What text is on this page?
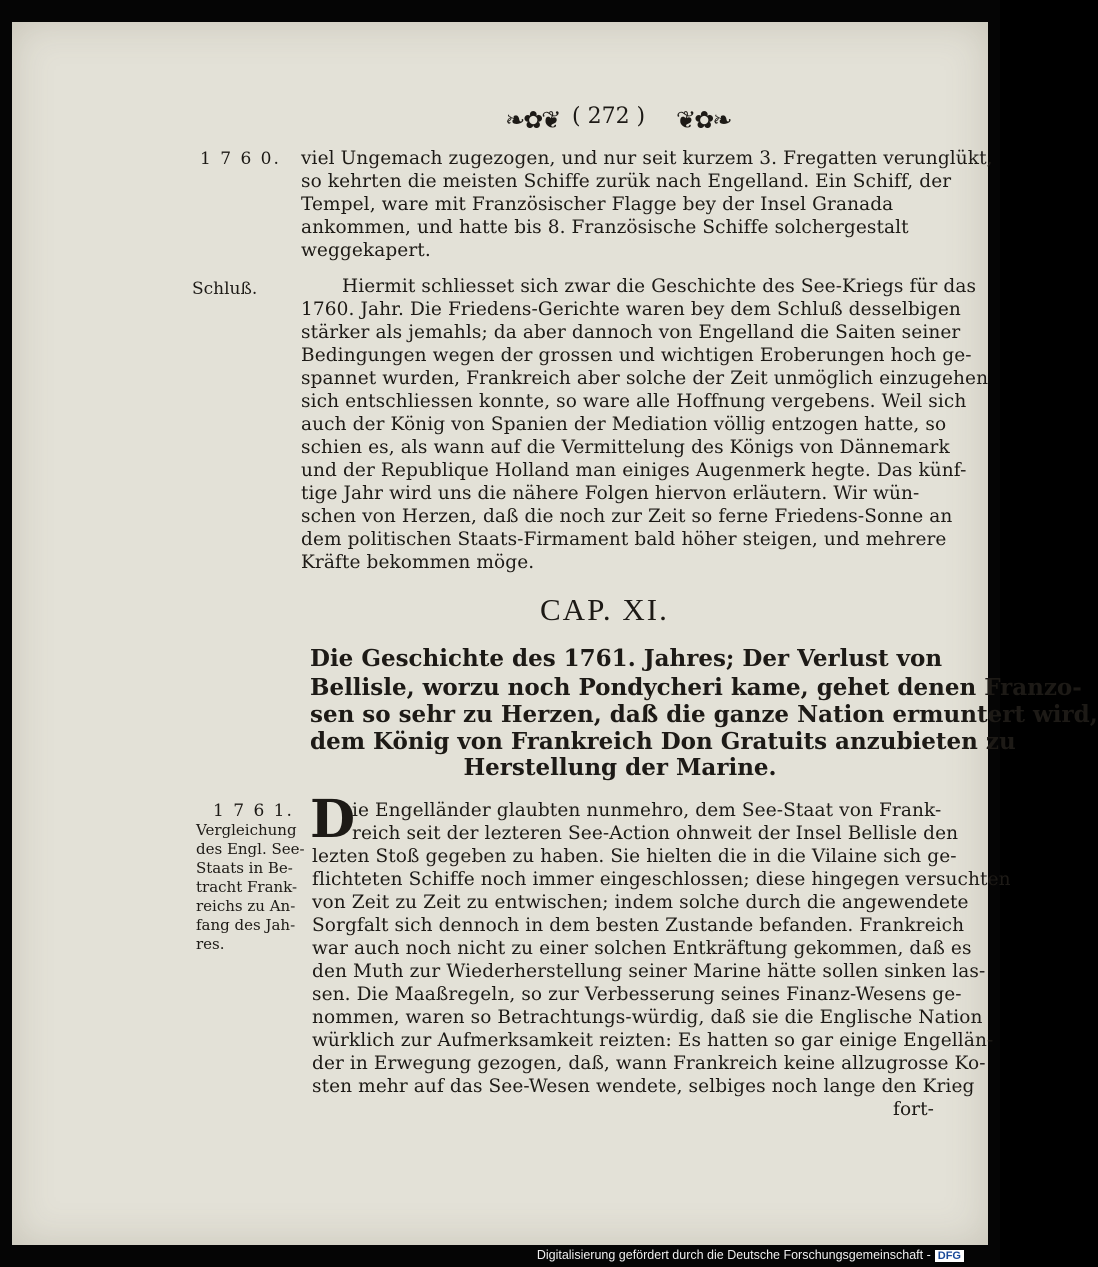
❧✿❦ ( 272 ) ❦✿❧
1 7 6 0. viel Ungemach zugezogen, und nur seit kurzem 3. Fregatten verunglükt,
so kehrten die meisten Schiffe zurük nach Engelland. Ein Schiff, der
Tempel, ware mit Französischer Flagge bey der Insel Granada
ankommen, und hatte bis 8. Französische Schiffe solchergestalt
weggekapert.
Schluß.	Hiermit schliesset sich zwar die Geschichte des See-Kriegs für das
1760. Jahr. Die Friedens-Gerichte waren bey dem Schluß desselbigen
stärker als jemahls; da aber dannoch von Engelland die Saiten seiner
Bedingungen wegen der grossen und wichtigen Eroberungen hoch ge-
spannet wurden, Frankreich aber solche der Zeit unmöglich einzugehen
sich entschliessen konnte, so ware alle Hoffnung vergebens. Weil sich
auch der König von Spanien der Mediation völlig entzogen hatte, so
schien es, als wann auf die Vermittelung des Königs von Dännemark
und der Republique Holland man einiges Augenmerk hegte. Das künf-
tige Jahr wird uns die nähere Folgen hiervon erläutern. Wir wün-
schen von Herzen, daß die noch zur Zeit so ferne Friedens-Sonne an
dem politischen Staats-Firmament bald höher steigen, und mehrere
Kräfte bekommen möge.
CAP. XI.
Die Geschichte des 1761. Jahres; Der Verlust von
Bellisle, worzu noch Pondycheri kame, gehet denen Franzo-
sen so sehr zu Herzen, daß die ganze Nation ermuntert wird,
dem König von Frankreich Don Gratuits anzubieten zu
Herstellung der Marine.
1 7 6 1.
Vergleichung
des Engl. See-
Staats in Be-
tracht Frank-
reichs zu An-
fang des Jah-
res.
D
ie Engelländer glaubten nunmehro, dem See-Staat von Frank-
reich seit der lezteren See-Action ohnweit der Insel Bellisle den
lezten Stoß gegeben zu haben. Sie hielten die in die Vilaine sich ge-
flichteten Schiffe noch immer eingeschlossen; diese hingegen versuchten
von Zeit zu Zeit zu entwischen; indem solche durch die angewendete
Sorgfalt sich dennoch in dem besten Zustande befanden. Frankreich
war auch noch nicht zu einer solchen Entkräftung gekommen, daß es
den Muth zur Wiederherstellung seiner Marine hätte sollen sinken las-
sen. Die Maaßregeln, so zur Verbesserung seines Finanz-Wesens ge-
nommen, waren so Betrachtungs-würdig, daß sie die Englische Nation
würklich zur Aufmerksamkeit reizten: Es hatten so gar einige Engellän-
der in Erwegung gezogen, daß, wann Frankreich keine allzugrosse Ko-
sten mehr auf das See-Wesen wendete, selbiges noch lange den Krieg
fort-
Digitalisierung gefördert durch die Deutsche Forschungsgemeinschaft - DFG
